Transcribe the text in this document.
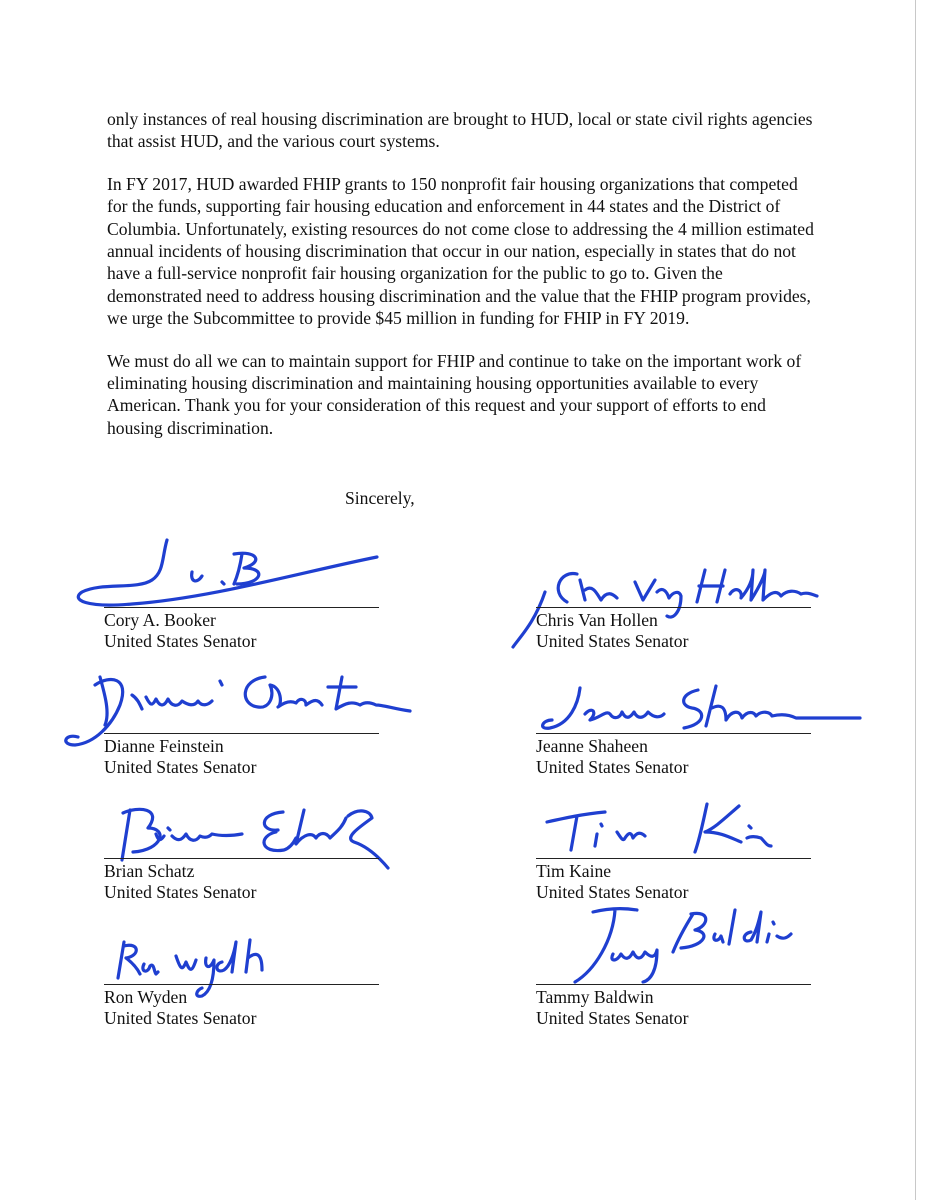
only instances of real housing discrimination are brought to HUD, local or state civil rights agencies that assist HUD, and the various court systems.

In FY 2017, HUD awarded FHIP grants to 150 nonprofit fair housing organizations that competed for the funds, supporting fair housing education and enforcement in 44 states and the District of Columbia. Unfortunately, existing resources do not come close to addressing the 4 million estimated annual incidents of housing discrimination that occur in our nation, especially in states that do not have a full-service nonprofit fair housing organization for the public to go to. Given the demonstrated need to address housing discrimination and the value that the FHIP program provides, we urge the Subcommittee to provide $45 million in funding for FHIP in FY 2019.

We must do all we can to maintain support for FHIP and continue to take on the important work of eliminating housing discrimination and maintaining housing opportunities available to every American. Thank you for your consideration of this request and your support of efforts to end housing discrimination.

Sincerely,
Cory A. Booker
United States Senator
Chris Van Hollen
United States Senator
Dianne Feinstein
United States Senator
Jeanne Shaheen
United States Senator
Brian Schatz
United States Senator
Tim Kaine
United States Senator
Ron Wyden
United States Senator
Tammy Baldwin
United States Senator
